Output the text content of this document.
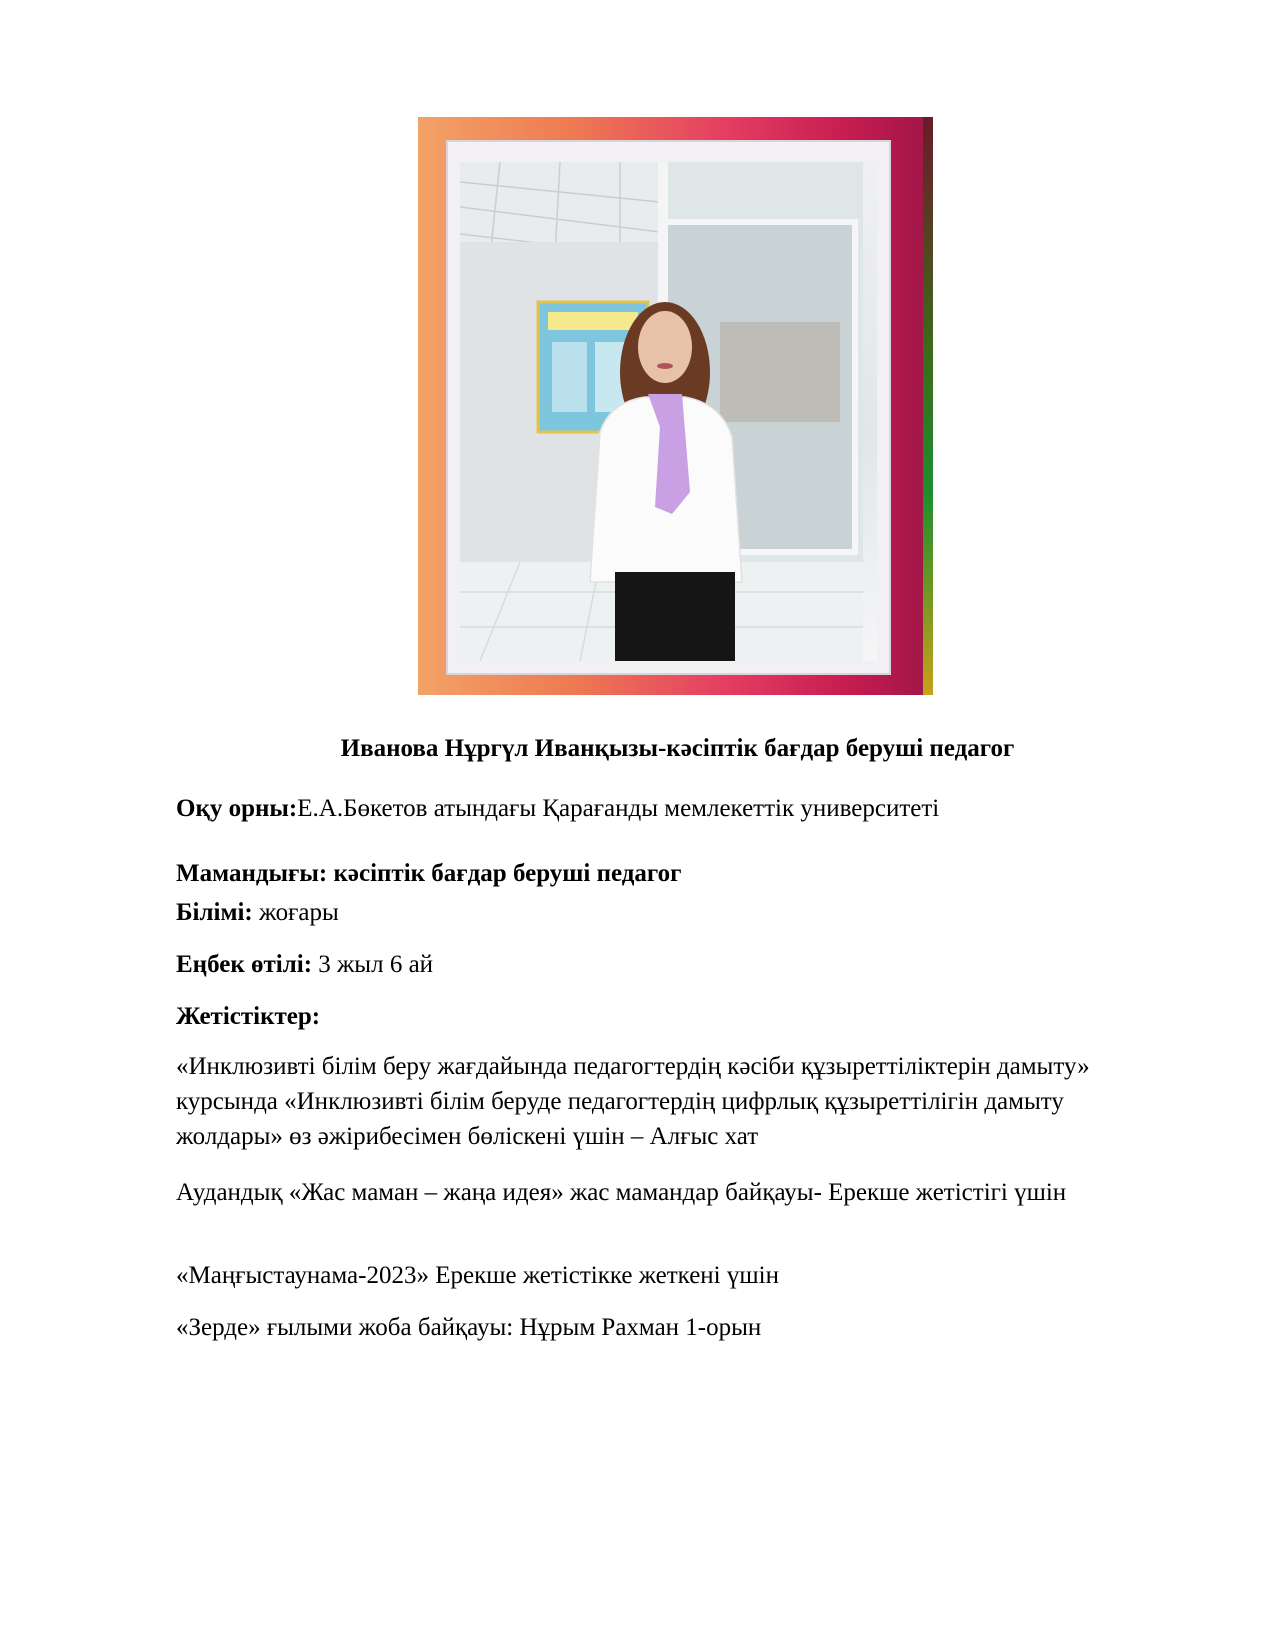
Иванова Нұргүл Иванқызы-кәсіптік бағдар беруші педагог
Оқу орны:Е.А.Бөкетов атындағы Қарағанды мемлекеттік университеті
Мамандығы: кәсіптік бағдар беруші педагог
Білімі: жоғары
Еңбек өтілі: 3 жыл 6 ай
Жетістіктер:
«Инклюзивті білім беру жағдайында педагогтердің кәсіби құзыреттіліктерін дамыту» курсында «Инклюзивті білім беруде педагогтердің цифрлық құзыреттілігін дамыту жолдары» өз әжірибесімен бөліскені үшін – Алғыс хат
Аудандық «Жас маман – жаңа идея» жас мамандар байқауы- Ерекше жетістігі үшін
«Маңғыстаунама-2023» Ерекше жетістікке жеткені үшін
«Зерде» ғылыми жоба байқауы: Нұрым Рахман 1-орын
